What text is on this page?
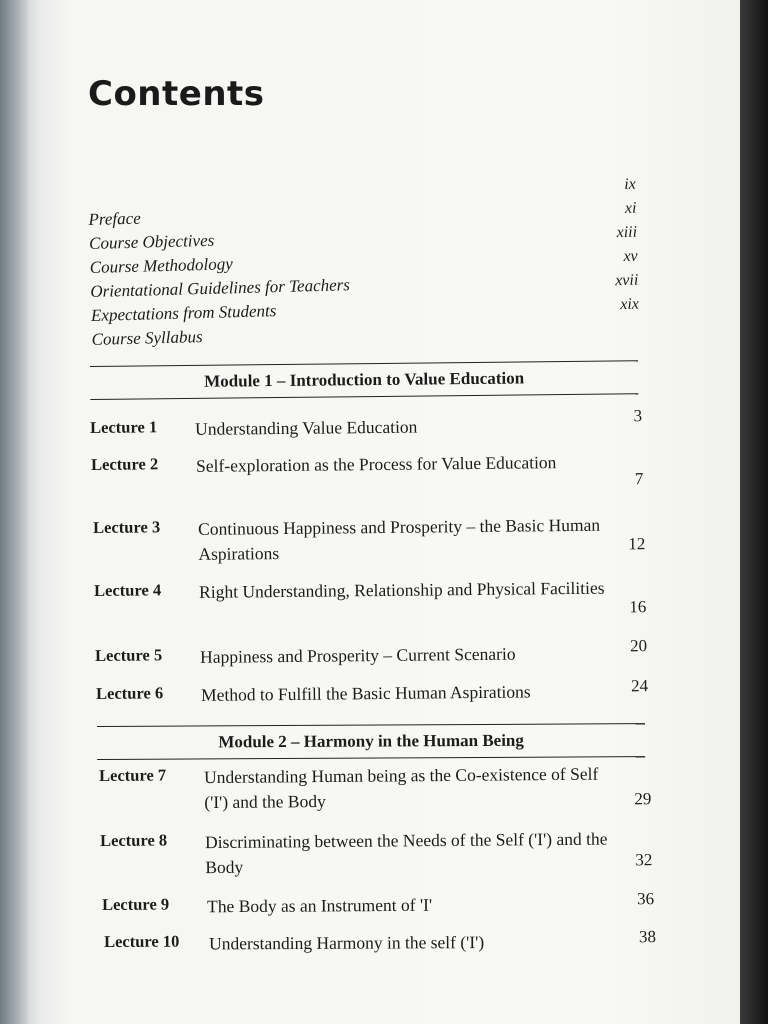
Contents
Preface
ix
Course Objectives
xi
Course Methodology
xiii
Orientational Guidelines for Teachers
xv
Expectations from Students
xvii
Course Syllabus
xix
Module 1 – Introduction to Value Education
Lecture 1 Understanding Value Education
3
Lecture 2 Self-exploration as the Process for Value Education
7
Lecture 3 Continuous Happiness and Prosperity – the Basic Human Aspirations	12
Lecture 4 Right Understanding, Relationship and Physical Facilities
16
Lecture 5 Happiness and Prosperity – Current Scenario	20
Lecture 6 Method to Fulfill the Basic Human Aspirations	24
Module 2 – Harmony in the Human Being
Lecture 7 Understanding Human being as the Co-existence of Self ('I') and the Body	29
Lecture 8 Discriminating between the Needs of the Self ('I') and the Body	32
Lecture 9 The Body as an Instrument of 'I'	36
Lecture 10 Understanding Harmony in the self ('I')	38
